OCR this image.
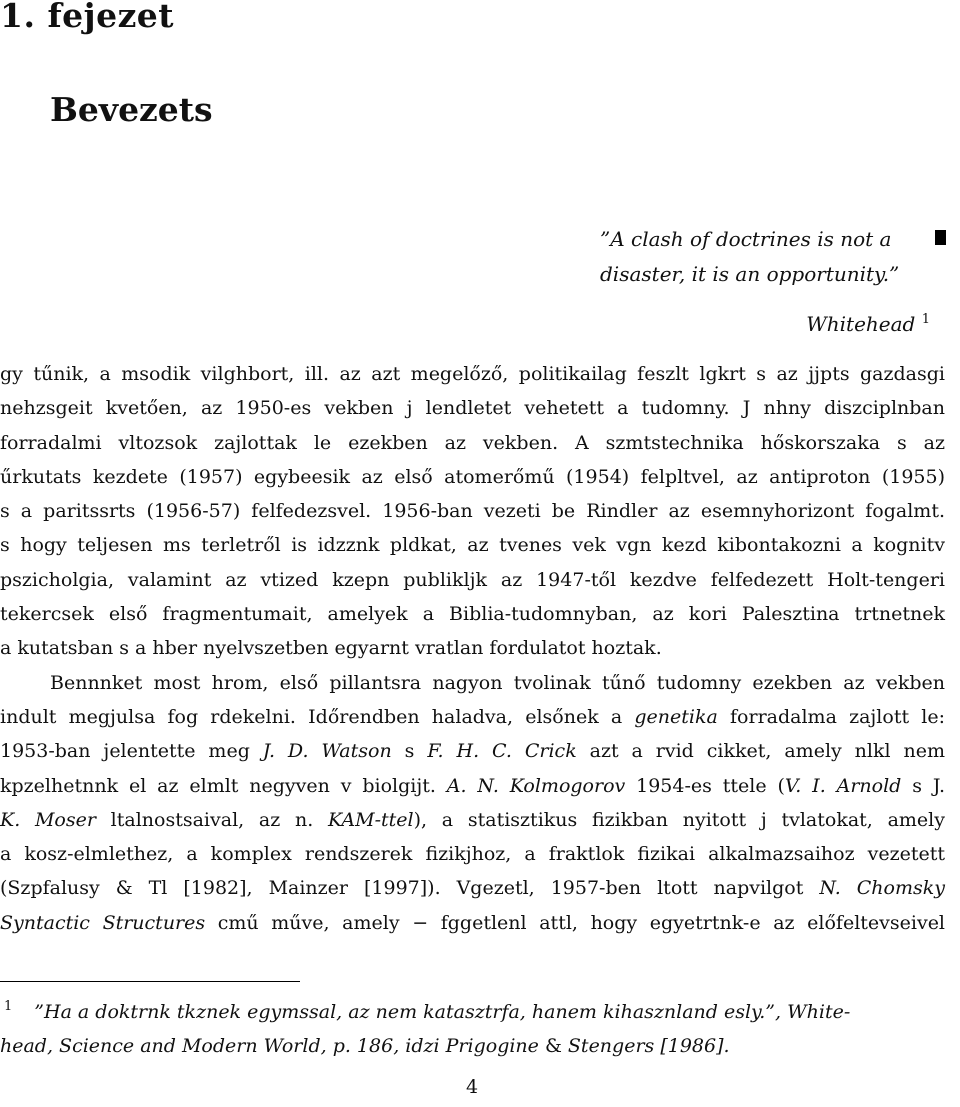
1. fejezet
Bevezets
”A clash of doctrines is not a
disaster, it is an opportunity.”
Whitehead $^1$
gy tűnik, a msodik vilghbort, ill. az azt megelőző, politikailag feszlt lgkrt s az jjpts gazdasgi
nehzsgeit kvetően, az 1950-es vekben j lendletet vehetett a tudomny. J nhny diszciplnban
forradalmi vltozsok zajlottak le ezekben az vekben. A szmtstechnika hőskorszaka s az
űrkutats kezdete (1957) egybeesik az első atomerőmű (1954) felpltvel, az antiproton (1955)
s a paritssrts (1956-57) felfedezsvel. 1956-ban vezeti be Rindler az esemnyhorizont fogalmt.
s hogy teljesen ms terletről is idzznk pldkat, az tvenes vek vgn kezd kibontakozni a kognitv
pszicholgia, valamint az vtized kzepn publikljk az 1947-től kezdve felfedezett Holt-tengeri
tekercsek első fragmentumait, amelyek a Biblia-tudomnyban, az kori Palesztina trtnetnek
a kutatsban s a hber nyelvszetben egyarnt vratlan fordulatot hoztak.
Bennnket most hrom, első pillantsra nagyon tvolinak tűnő tudomny ezekben az vekben
indult megjulsa fog rdekelni. Időrendben haladva, elsőnek a genetika forradalma zajlott le:
1953-ban jelentette meg J. D. Watson s F. H. C. Crick azt a rvid cikket, amely nlkl nem
kpzelhetnnk el az elmlt negyven v biolgijt. A. N. Kolmogorov 1954-es ttele (V. I. Arnold s J.
K. Moser ltalnostsaival, az n. KAM-ttel), a statisztikus fizikban nyitott j tvlatokat, amely
a kosz-elmlethez, a komplex rendszerek fizikjhoz, a fraktlok fizikai alkalmazsaihoz vezetett
(Szpfalusy & Tl [1982], Mainzer [1997]). Vgezetl, 1957-ben ltott napvilgot N. Chomsky
Syntactic Structures cmű műve, amely − fggetlenl attl, hogy egyetrtnk-e az előfeltevseivel
$^1$ ”Ha a doktrnk tkznek egymssal, az nem katasztrfa, hanem kihasznland esly.”, White-
head, Science and Modern World, p. 186, idzi Prigogine & Stengers [1986].
4
